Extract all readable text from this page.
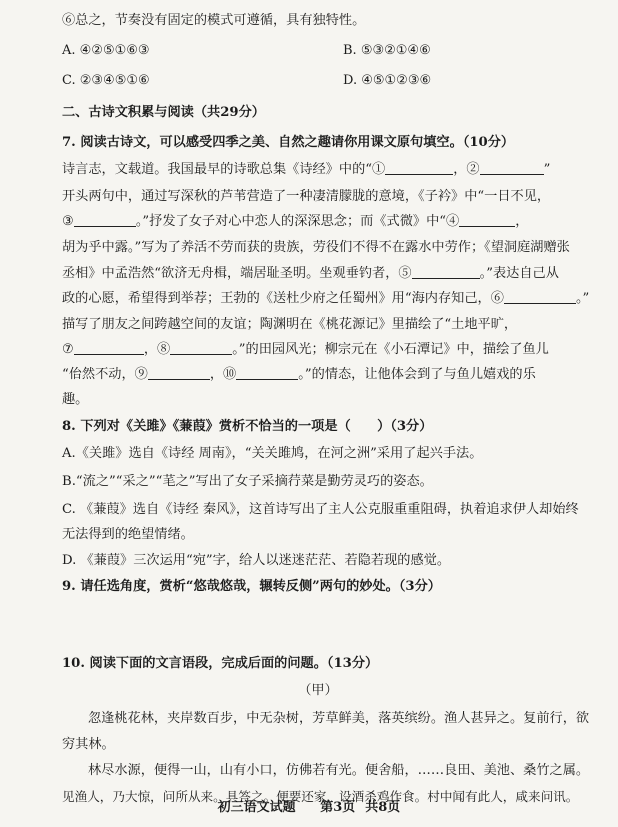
⑥总之，节奏没有固定的模式可遵循，具有独特性。
A. ④②⑤①⑥③	B. ⑤③②①④⑥
C. ②③④⑤①⑥	D. ④⑤①②③⑥
二、古诗文积累与阅读（共29分）
7. 阅读古诗文，可以感受四季之美、自然之趣请你用课文原句填空。（10分）
诗言志，文载道。我国最早的诗歌总集《诗经》中的“①	，②	”
开头两句中，通过写深秋的芦苇营造了一种凄清朦胧的意境，《子衿》中“一日不见，
③	。”抒发了女子对心中恋人的深深思念；而《式微》中“④	，
胡为乎中露。”写为了养活不劳而获的贵族，劳役们不得不在露水中劳作；《望洞庭湖赠张
丞相》中孟浩然“欲济无舟楫，端居耻圣明。坐观垂钓者，⑤	。”表达自己从
政的心愿，希望得到举荐；王勃的《送杜少府之任蜀州》用“海内存知己，⑥	。”
描写了朋友之间跨越空间的友谊；陶渊明在《桃花源记》里描绘了“土地平旷，
⑦	，⑧	。”的田园风光；柳宗元在《小石潭记》中，描绘了鱼儿
“佁然不动，⑨	，⑩	。”的情态，让他体会到了与鱼儿嬉戏的乐
趣。
8. 下列对《关雎》《蒹葭》赏析不恰当的一项是（　　）（3分）
A.《关雎》选自《诗经 周南》，“关关雎鸠，在河之洲”采用了起兴手法。
B.“流之”“采之”“芼之”写出了女子采摘荇菜是勤劳灵巧的姿态。
C. 《蒹葭》选自《诗经 秦风》，这首诗写出了主人公克服重重阻碍，执着追求伊人却始终
无法得到的绝望情绪。
D. 《蒹葭》三次运用“宛”字，给人以迷迷茫茫、若隐若现的感觉。
9. 请任选角度，赏析“悠哉悠哉，辗转反侧”两句的妙处。（3分）
10. 阅读下面的文言语段，完成后面的问题。（13分）
（甲）
忽逢桃花林，夹岸数百步，中无杂树，芳草鲜美，落英缤纷。渔人甚异之。复前行，欲
穷其林。
林尽水源，便得一山，山有小口，仿佛若有光。便舍船，……良田、美池、桑竹之属。
见渔人，乃大惊，问所从来。具答之。便要还家，设酒杀鸡作食。村中闻有此人，咸来问讯。
初三语文试题 第3页 共8页
